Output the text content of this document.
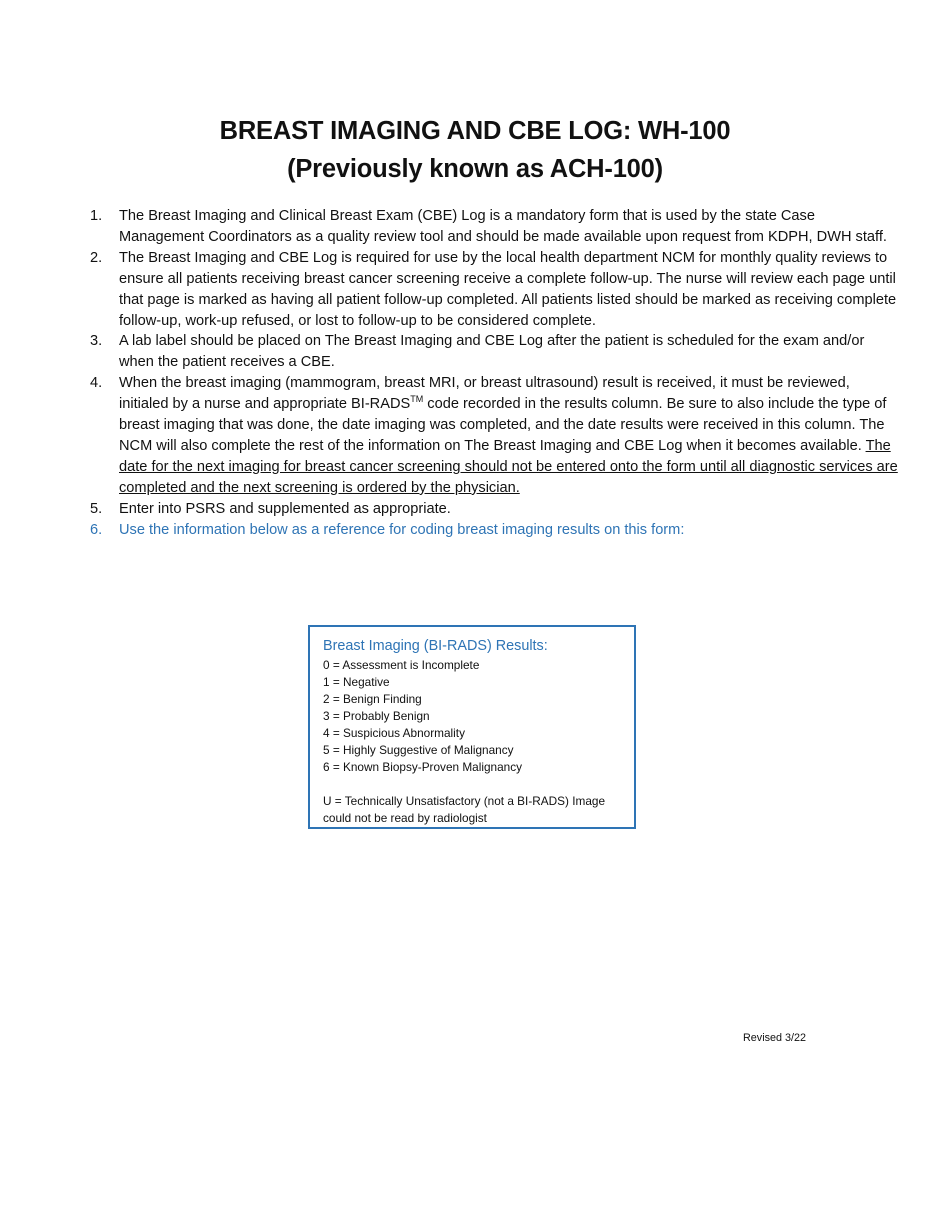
BREAST IMAGING AND CBE LOG: WH-100
(Previously known as ACH-100)
1. The Breast Imaging and Clinical Breast Exam (CBE) Log is a mandatory form that is used by the state Case Management Coordinators as a quality review tool and should be made available upon request from KDPH, DWH staff.
2. The Breast Imaging and CBE Log is required for use by the local health department NCM for monthly quality reviews to ensure all patients receiving breast cancer screening receive a complete follow-up. The nurse will review each page until that page is marked as having all patient follow-up completed. All patients listed should be marked as receiving complete follow-up, work-up refused, or lost to follow-up to be considered complete.
3. A lab label should be placed on The Breast Imaging and CBE Log after the patient is scheduled for the exam and/or when the patient receives a CBE.
4. When the breast imaging (mammogram, breast MRI, or breast ultrasound) result is received, it must be reviewed, initialed by a nurse and appropriate BI-RADS™ code recorded in the results column. Be sure to also include the type of breast imaging that was done, the date imaging was completed, and the date results were received in this column. The NCM will also complete the rest of the information on The Breast Imaging and CBE Log when it becomes available. The date for the next imaging for breast cancer screening should not be entered onto the form until all diagnostic services are completed and the next screening is ordered by the physician.
5. Enter into PSRS and supplemented as appropriate.
6. Use the information below as a reference for coding breast imaging results on this form:
Breast Imaging (BI-RADS) Results:
0 = Assessment is Incomplete
1 = Negative
2 = Benign Finding
3 = Probably Benign
4 = Suspicious Abnormality
5 = Highly Suggestive of Malignancy
6 = Known Biopsy-Proven Malignancy
U = Technically Unsatisfactory (not a BI-RADS) Image could not be read by radiologist
Revised 3/22
